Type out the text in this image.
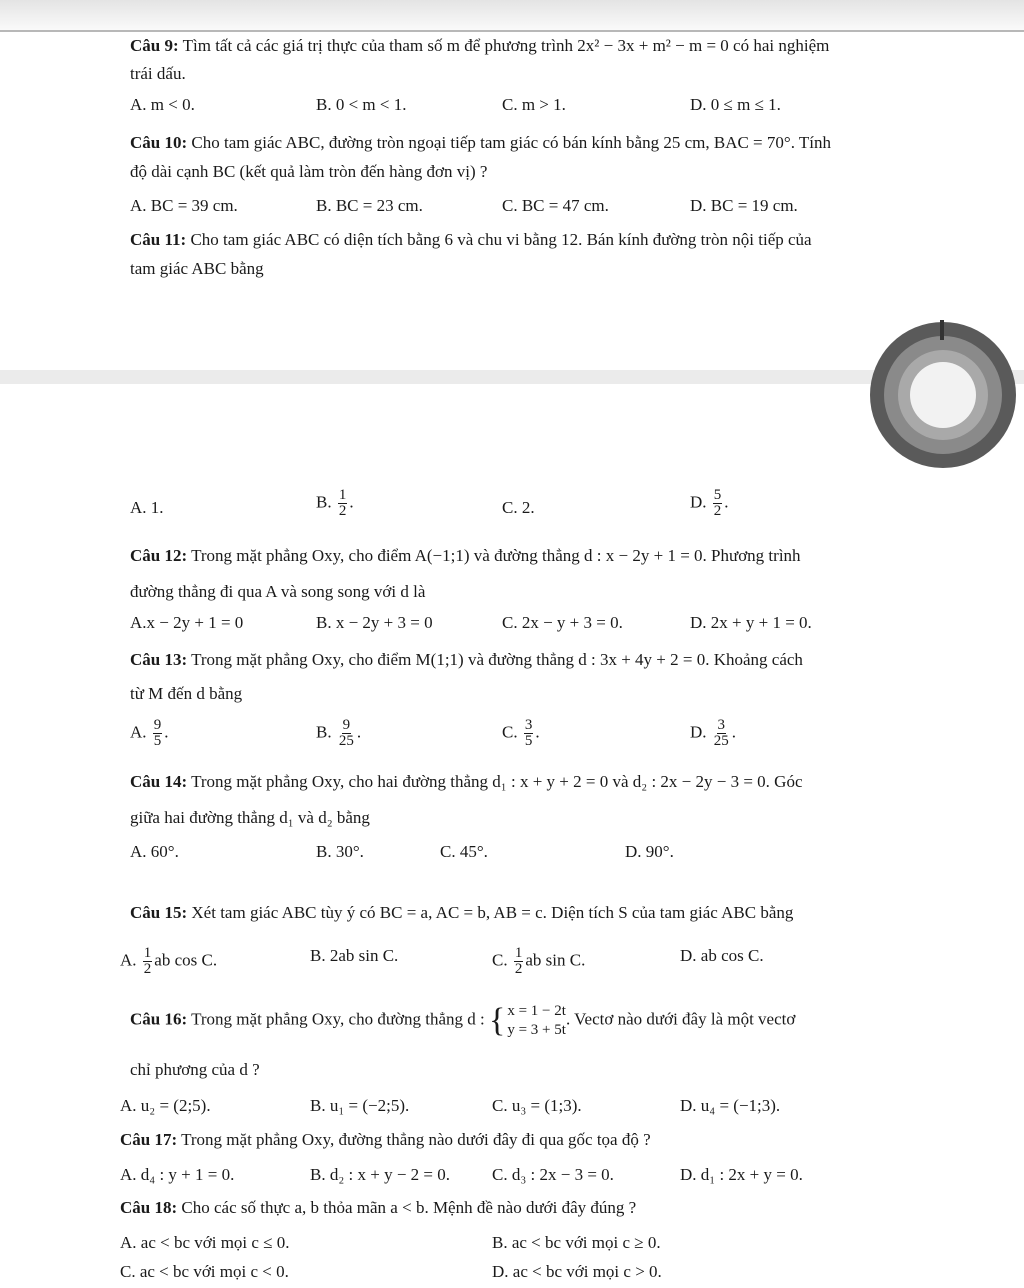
Câu 9: Tìm tất cả các giá trị thực của tham số m để phương trình 2x² − 3x + m² − m = 0 có hai nghiệm
trái dấu.
A. m < 0.	B. 0 < m < 1.	C. m > 1.	D. 0 ≤ m ≤ 1.
Câu 10: Cho tam giác ABC, đường tròn ngoại tiếp tam giác có bán kính bằng 25 cm, BAC = 70°. Tính
độ dài cạnh BC (kết quả làm tròn đến hàng đơn vị) ?
A. BC = 39 cm.	B. BC = 23 cm.	C. BC = 47 cm.	D. BC = 19 cm.
Câu 11: Cho tam giác ABC có diện tích bằng 6 và chu vi bằng 12. Bán kính đường tròn nội tiếp của
tam giác ABC bằng
A. 1.	B. $\frac{1}{2}$ .	C. 2.	D. $\frac{5}{2}$ .
Câu 12: Trong mặt phẳng Oxy, cho điểm A(−1;1) và đường thẳng d : x − 2y + 1 = 0. Phương trình
đường thẳng đi qua A và song song với d là
A.x − 2y + 1 = 0	B. x − 2y + 3 = 0	C. 2x − y + 3 = 0.	D. 2x + y + 1 = 0.
Câu 13: Trong mặt phẳng Oxy, cho điểm M(1;1) và đường thẳng d : 3x + 4y + 2 = 0. Khoảng cách
từ M đến d bằng
A. $\frac{9}{5}$ .	B. $\frac{9}{25}$ .	C. $\frac{3}{5}$ .	D. $\frac{3}{25}$ .
Câu 14: Trong mặt phẳng Oxy, cho hai đường thẳng d₁ : x + y + 2 = 0 và d₂ : 2x − 2y − 3 = 0. Góc
giữa hai đường thẳng d₁ và d₂ bằng
A. 60°.	B. 30°.	C. 45°.	D. 90°.
Câu 15: Xét tam giác ABC tùy ý có BC = a, AC = b, AB = c. Diện tích S của tam giác ABC bằng
A. $\frac{1}{2}$ ab cos C.	B. 2ab sin C.	C. $\frac{1}{2}$ ab sin C.	D. ab cos C.
Câu 16: Trong mặt phẳng Oxy, cho đường thẳng d : { x = 1 − 2t
y = 3 + 5t
. Vectơ nào dưới đây là một vectơ
chỉ phương của d ?
A. u₂ = (2;5).	B. u₁ = (−2;5).	C. u₃ = (1;3).	D. u₄ = (−1;3).
Câu 17: Trong mặt phẳng Oxy, đường thẳng nào dưới đây đi qua gốc tọa độ ?
A. d₄ : y + 1 = 0.	B. d₂ : x + y − 2 = 0. C. d₃ : 2x − 3 = 0.	D. d₁ : 2x + y = 0.
Câu 18: Cho các số thực a, b thỏa mãn a < b. Mệnh đề nào dưới đây đúng ?
A. ac < bc với mọi c ≤ 0.	B. ac < bc với mọi c ≥ 0.
C. ac < bc với mọi c < 0.	D. ac < bc với mọi c > 0.
